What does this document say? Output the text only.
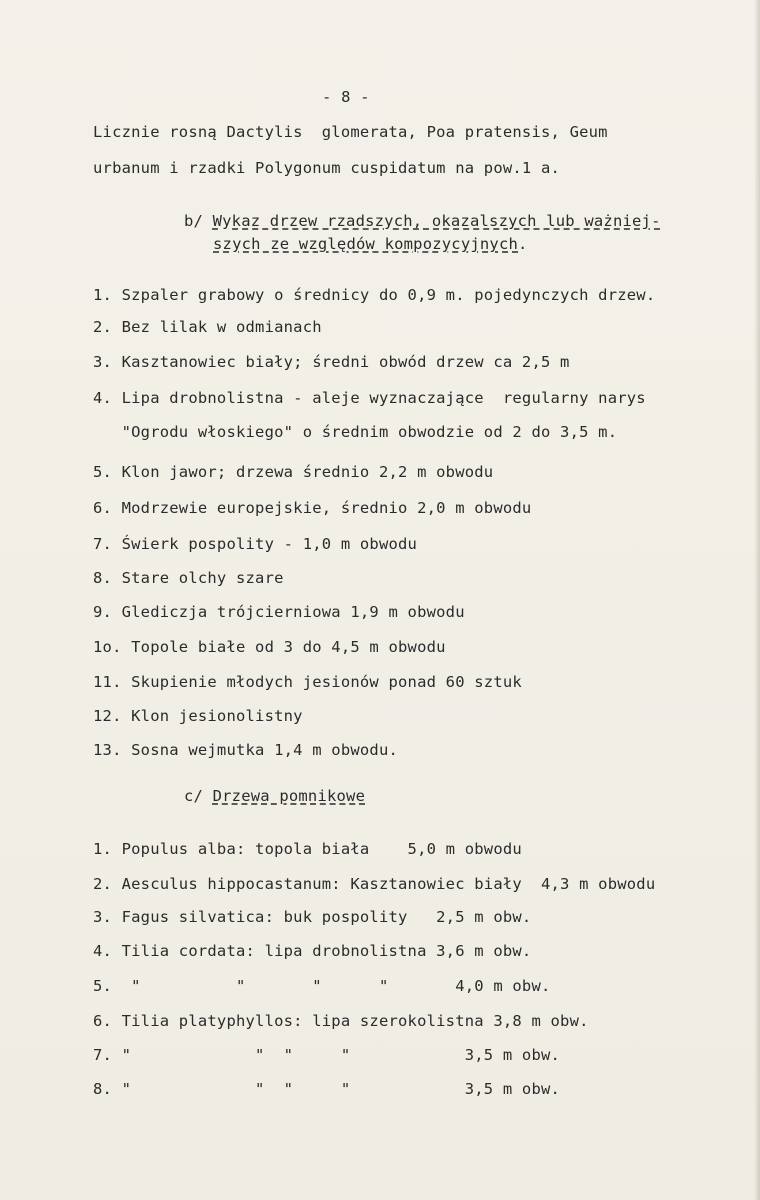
- 8 -
Licznie rosną Dactylis  glomerata, Poa pratensis, Geum
urbanum i rzadki Polygonum cuspidatum na pow.1 a.
b/ Wykaz drzew rzadszych, okazalszych lub ważniej-
szych ze względów kompozycyjnych.
1. Szpaler grabowy o średnicy do 0,9 m. pojedynczych drzew.
2. Bez lilak w odmianach
3. Kasztanowiec biały; średni obwód drzew ca 2,5 m
4. Lipa drobnolistna - aleje wyznaczające  regularny narys
"Ogrodu włoskiego" o średnim obwodzie od 2 do 3,5 m.
5. Klon jawor; drzewa średnio 2,2 m obwodu
6. Modrzewie europejskie, średnio 2,0 m obwodu
7. Świerk pospolity - 1,0 m obwodu
8. Stare olchy szare
9. Glediczja trójcierniowa 1,9 m obwodu
1o. Topole białe od 3 do 4,5 m obwodu
11. Skupienie młodych jesionów ponad 60 sztuk
12. Klon jesionolistny
13. Sosna wejmutka 1,4 m obwodu.
c/ Drzewa pomnikowe
1. Populus alba: topola biała    5,0 m obwodu
2. Aesculus hippocastanum: Kasztanowiec biały  4,3 m obwodu
3. Fagus silvatica: buk pospolity   2,5 m obw.
4. Tilia cordata: lipa drobnolistna 3,6 m obw.
5.  "          "       "      "       4,0 m obw.
6. Tilia platyphyllos: lipa szerokolistna 3,8 m obw.
7. "             "  "     "            3,5 m obw.
8. "             "  "     "            3,5 m obw.
